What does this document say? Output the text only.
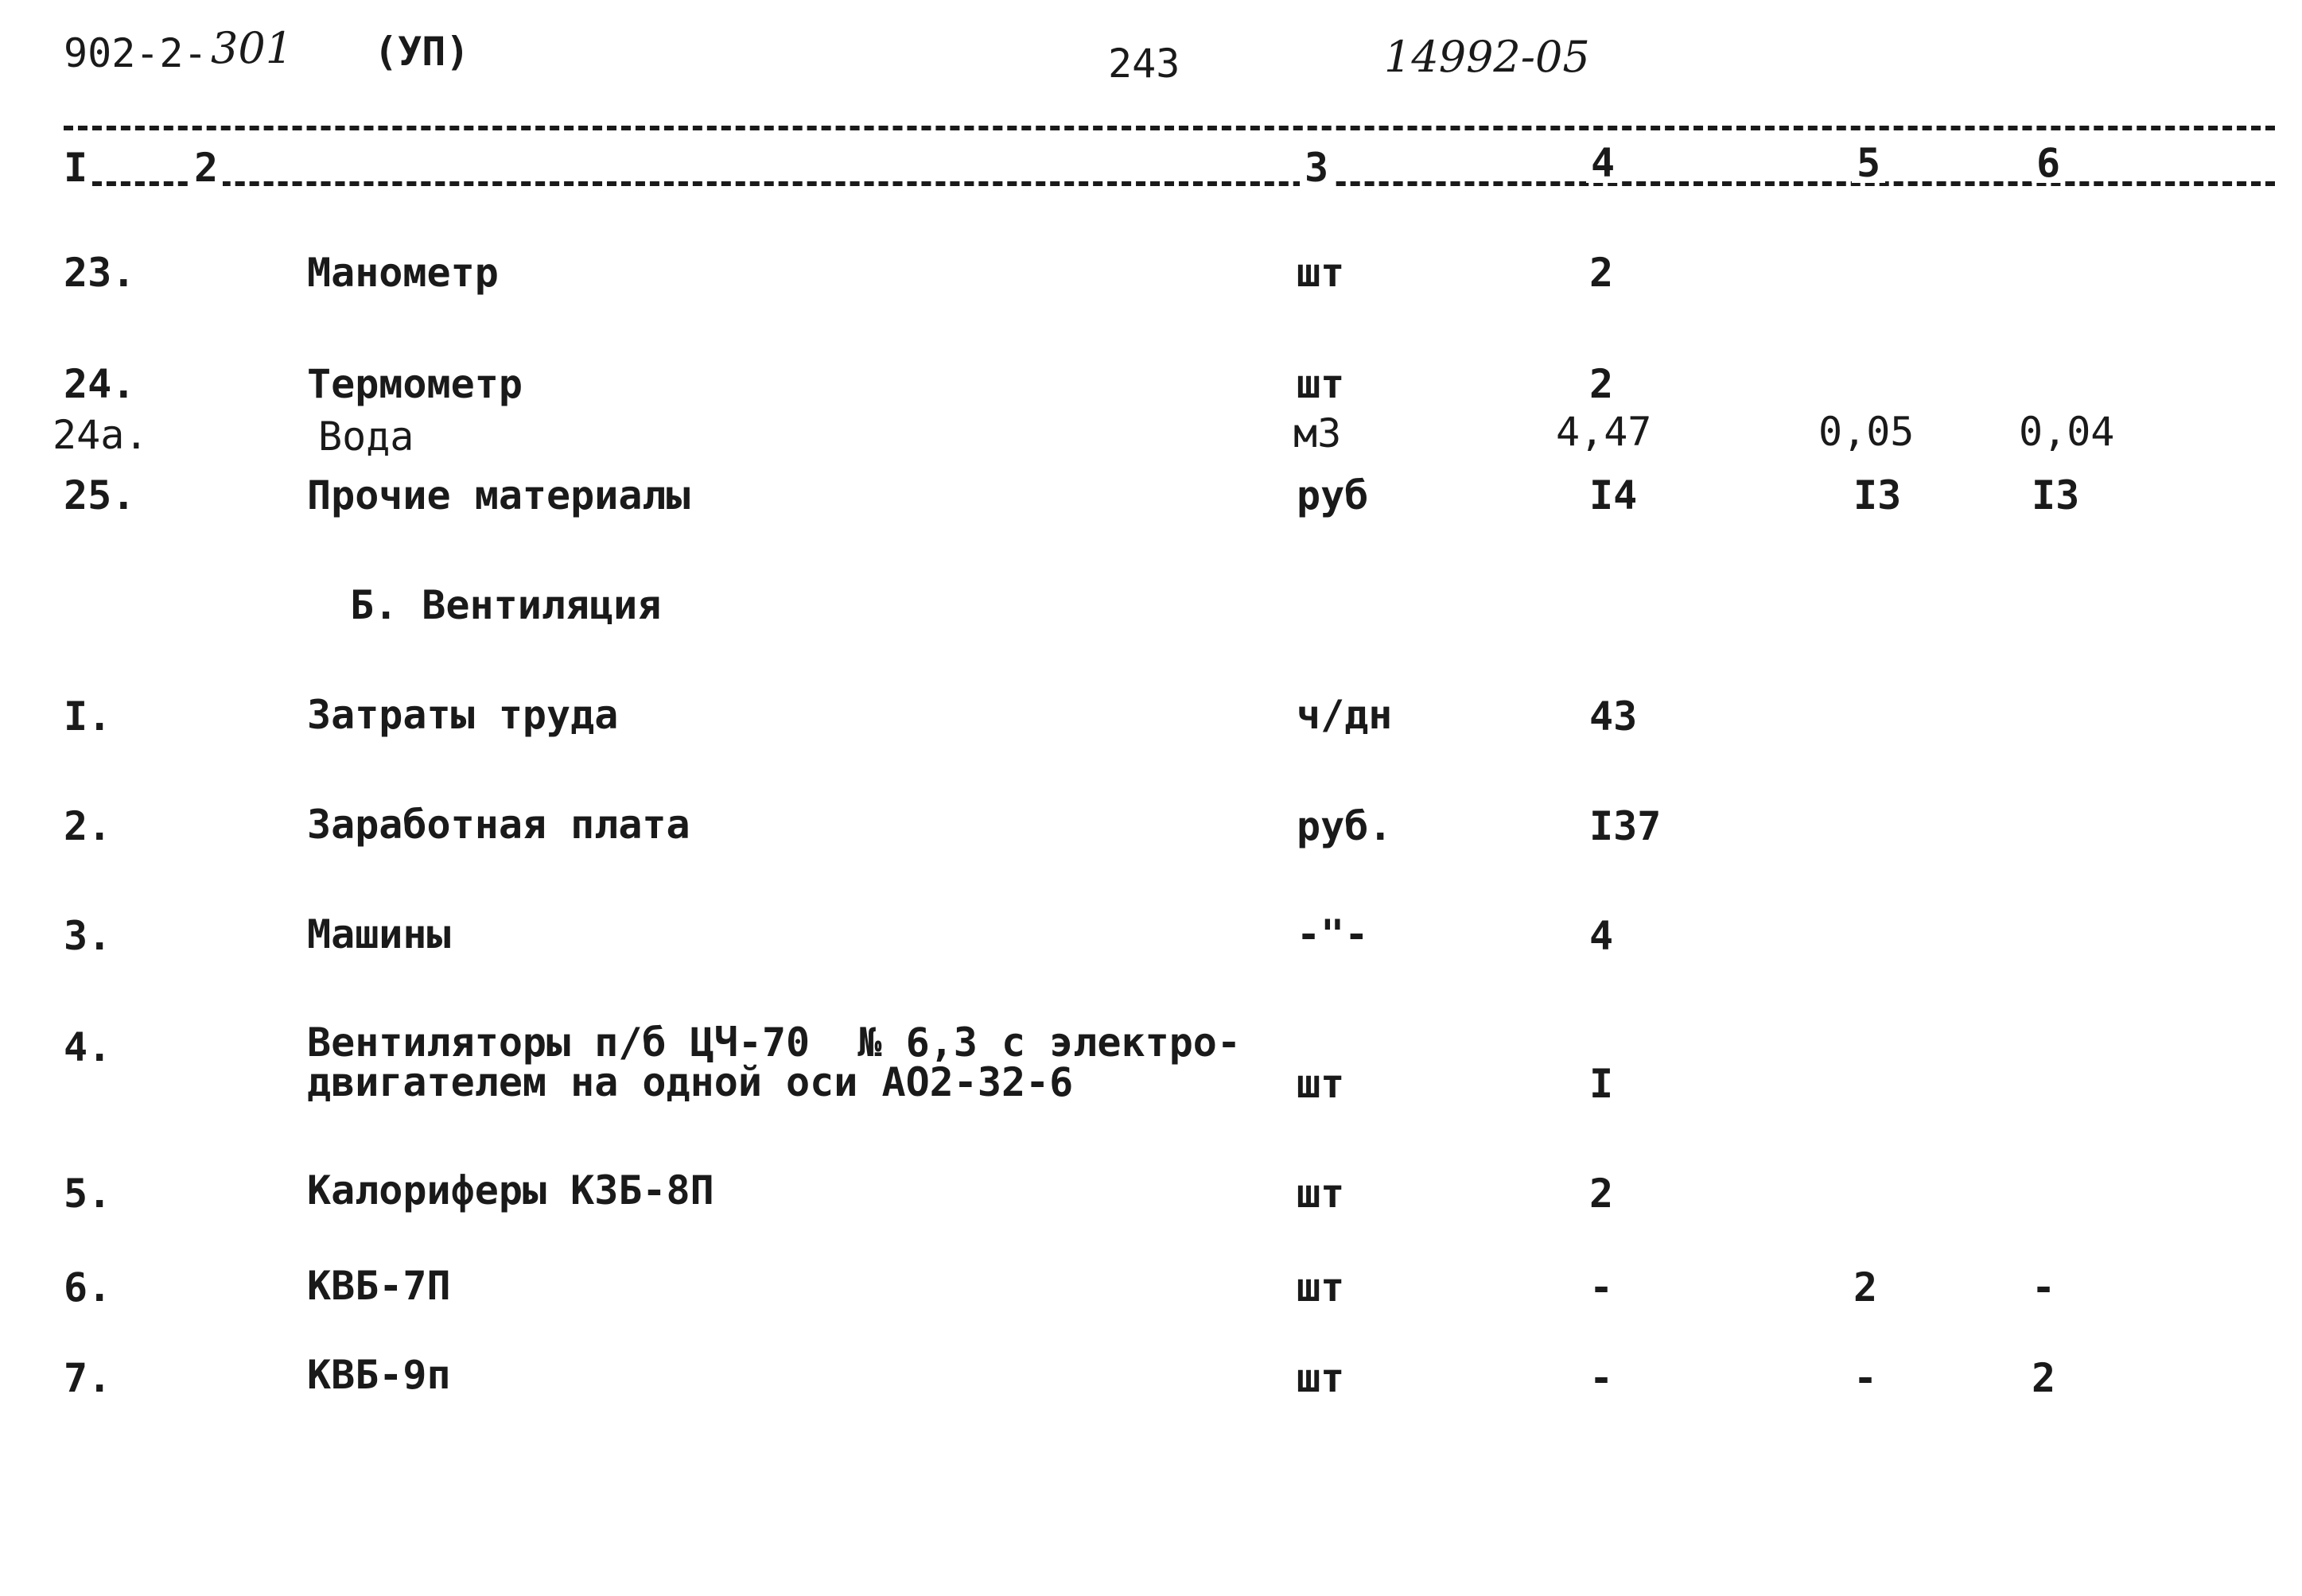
902-2- 301 (УП)	243	14992-05
I	2	3	4	5	6
23.	Манометр	шт	2
24.	Термометр	шт	2
24а.	Вода	м3	4,47	0,05	0,04
25.	Прочие материалы	руб	I4	I3	I3
Б. Вентиляция
I.	Затраты труда	ч/дн	43
2.	Заработная плата	руб.	I37
3.	Машины	-"-	4
4.	Вентиляторы п/б ЦЧ-70  № 6,3 с электро-
двигателем на одной оси АО2-32-6	шт	I
5.	Калориферы КЗБ-8П	шт	2
6.	КВБ-7П	шт	-	2	-
7.	КВБ-9п	шт	-	-	2
